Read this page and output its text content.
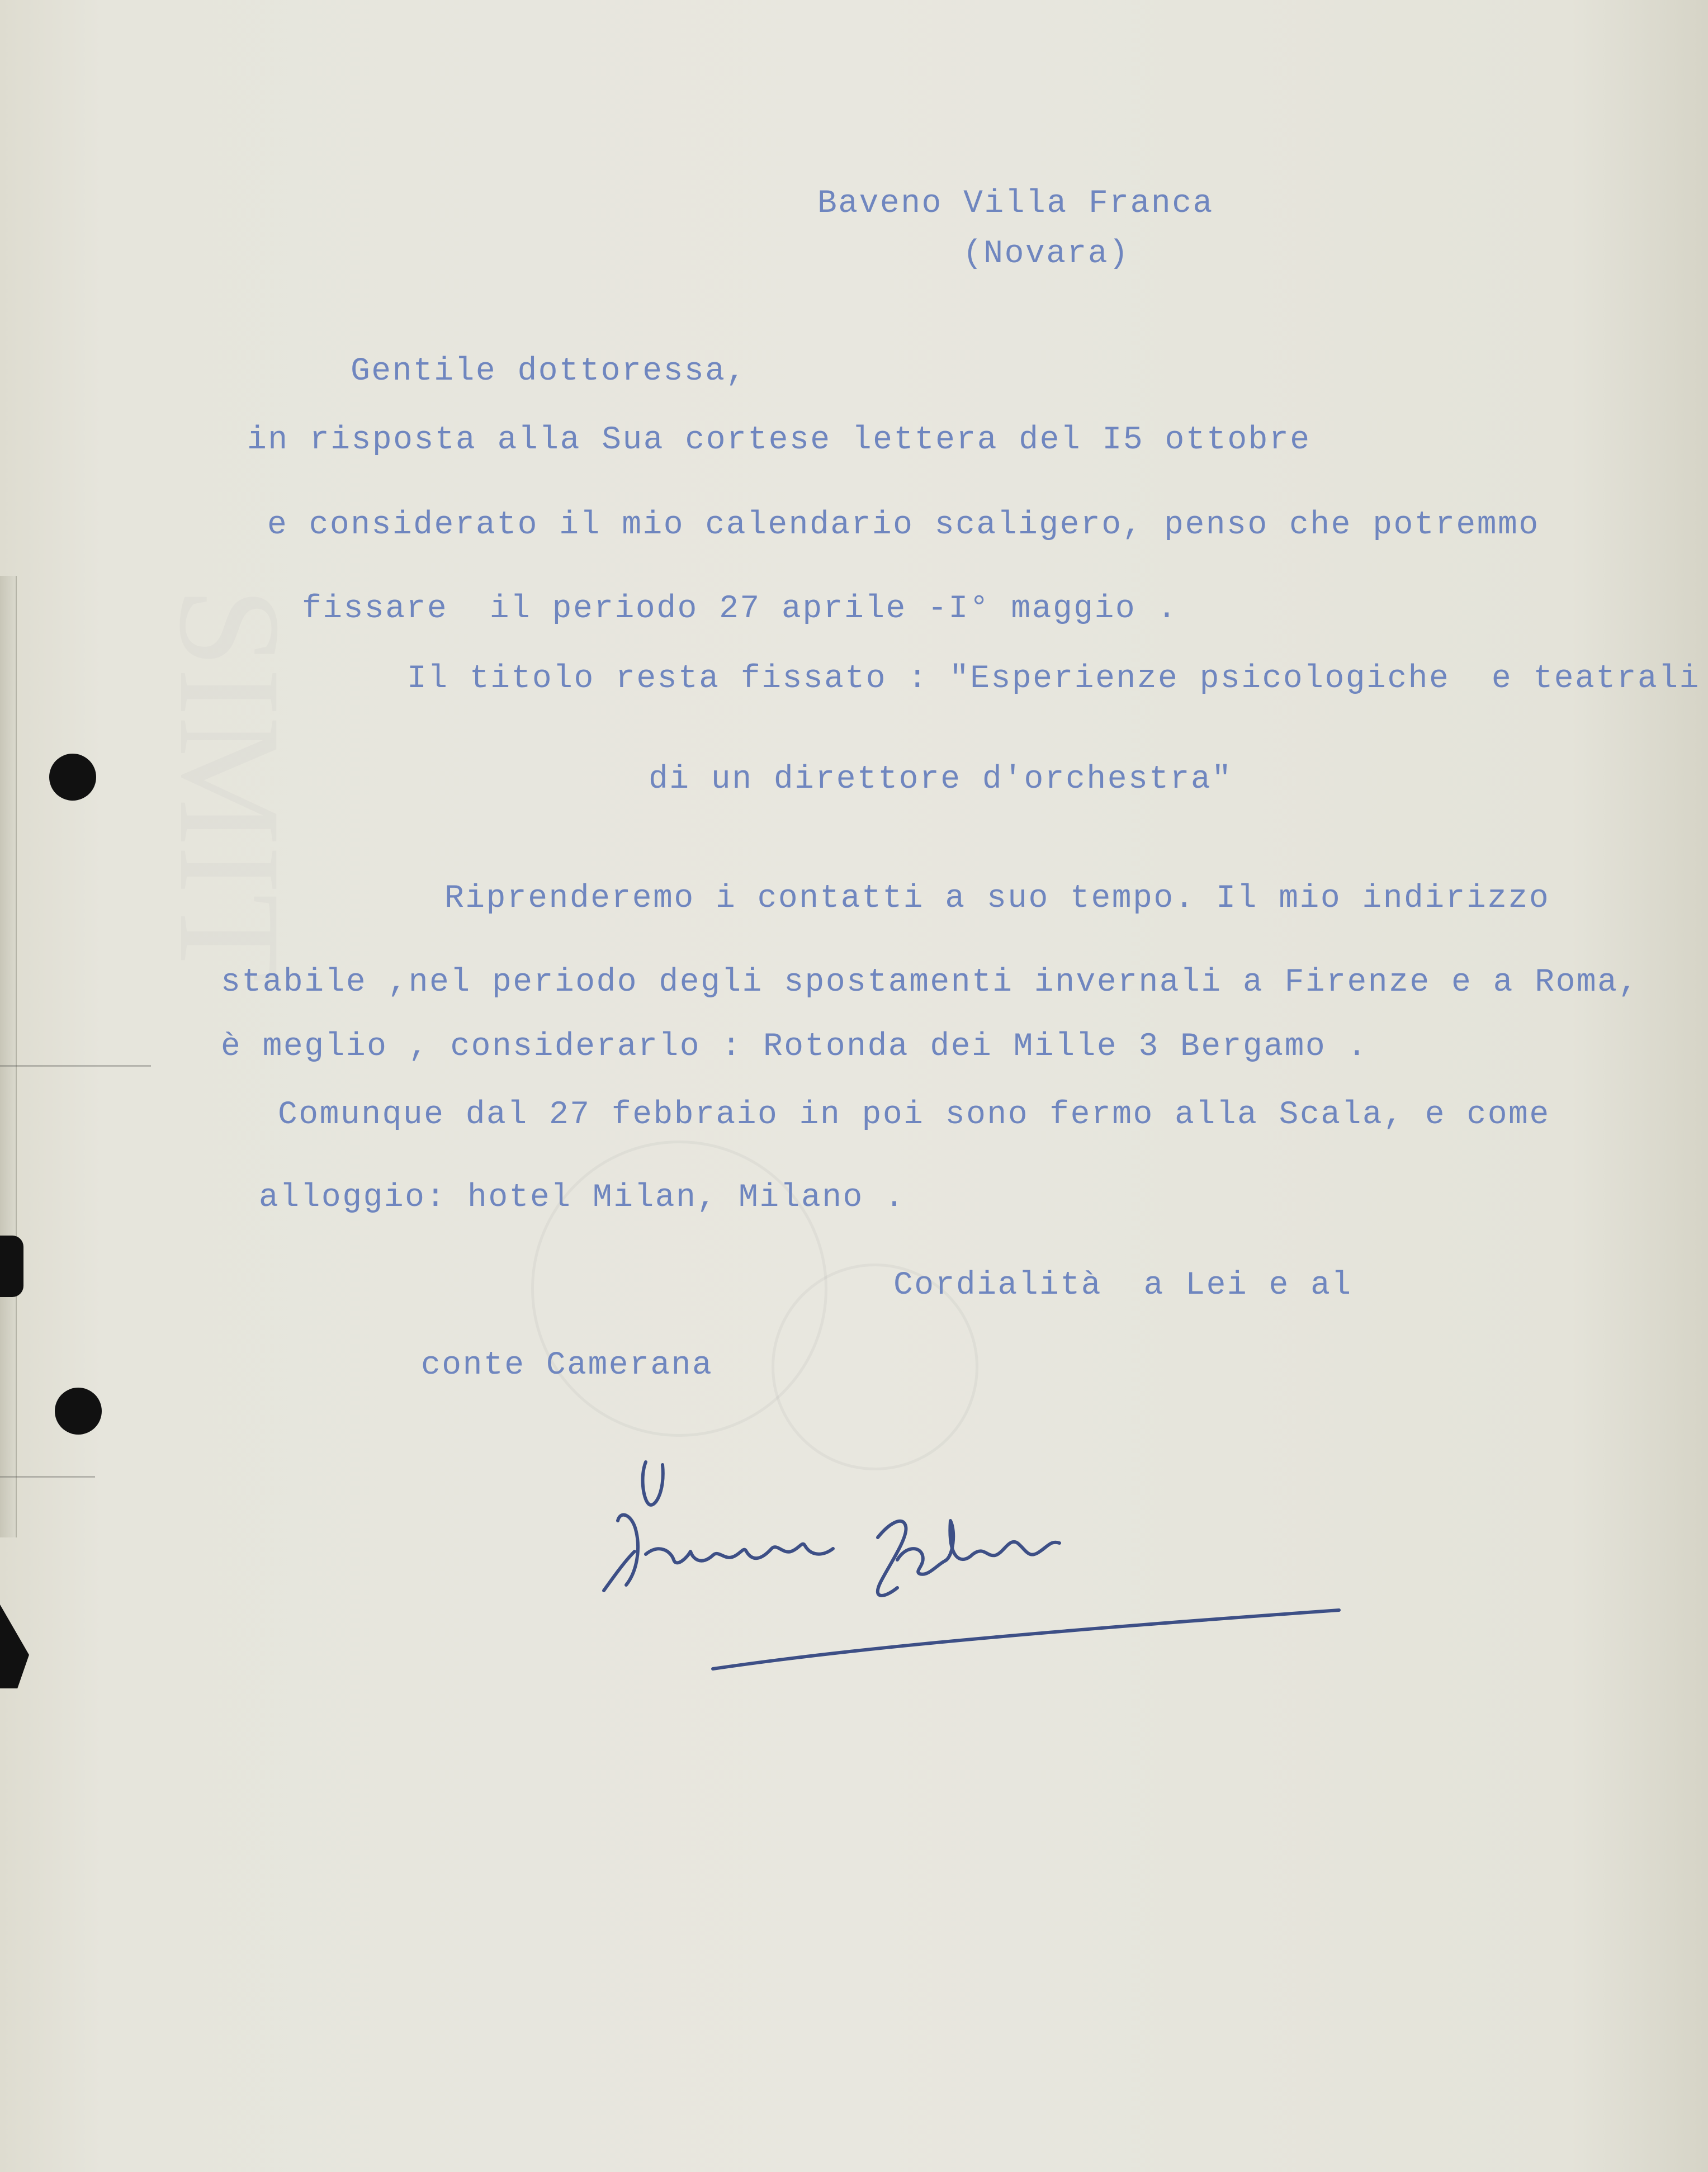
SIMIT

Baveno Villa Franca

(Novara)

Gentile dottoressa,

in risposta alla Sua cortese lettera del I5 ottobre

e considerato il mio calendario scaligero, penso che potremmo

fissare  il periodo 27 aprile -I° maggio .

Il titolo resta fissato : "Esperienze psicologiche  e teatrali

di un direttore d'orchestra"

Riprenderemo i contatti a suo tempo. Il mio indirizzo

stabile ,nel periodo degli spostamenti invernali a Firenze e a Roma,

è meglio , considerarlo : Rotonda dei Mille 3 Bergamo .

Comunque dal 27 febbraio in poi sono fermo alla Scala, e come

alloggio: hotel Milan, Milano .

Cordialità  a Lei e al

conte Camerana
